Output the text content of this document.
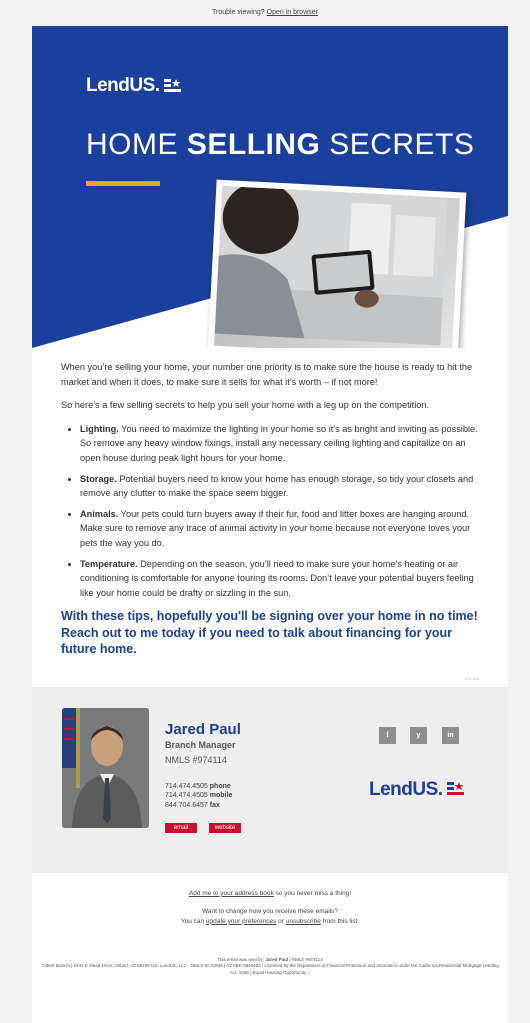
Trouble viewing? Open in browser
LendUS.
HOME SELLING SECRETS

When you’re selling your home, your number one priority is to make sure the house is ready to hit the market and when it does, to make sure it sells for what it’s worth – if not more!

So here’s a few selling secrets to help you sell your home with a leg up on the competition.

• Lighting. You need to maximize the lighting in your home so it’s as bright and inviting as possible. So remove any heavy window fixings, install any necessary ceiling lighting and capitalize on an open house during peak light hours for your home.
• Storage. Potential buyers need to know your home has enough storage, so tidy your closets and remove any clutter to make the space seem bigger.
• Animals. Your pets could turn buyers away if their fur, food and litter boxes are hanging around. Make sure to remove any trace of animal activity in your home because not everyone loves your pets the way you do.
• Temperature. Depending on the season, you’ll need to make sure your home’s heating or air conditioning is comfortable for anyone touring its rooms. Don’t leave your potential buyers feeling like your home could be drafty or sizzling in the sun.

With these tips, hopefully you'll be signing over your home in no time! Reach out to me today if you need to talk about financing for your future home.

0089 1519
Jared Paul
Branch Manager
NMLS #974114
714.474.4505 phone
714.474.4505 mobile
844.704.6457 fax
email	website
f	y	in
LendUS.
Add me to your address book so you never miss a thing!
Want to change how you receive these emails?
You can update your preferences or unsubscribe from this list.
This email was sent by: Jared Paul | NMLS #974114
Gilbert Branch | 2432 E Mead Drive, Gilbert, AZ 85298 US. LendUS, LLC - NMLS ID #1936 | AZ #BK-0940683 | Licensed by the Department of Financial Protection and Innovation under the California Residential Mortgage Lending Act. 1936 | Equal Housing Opportunity ⌂
